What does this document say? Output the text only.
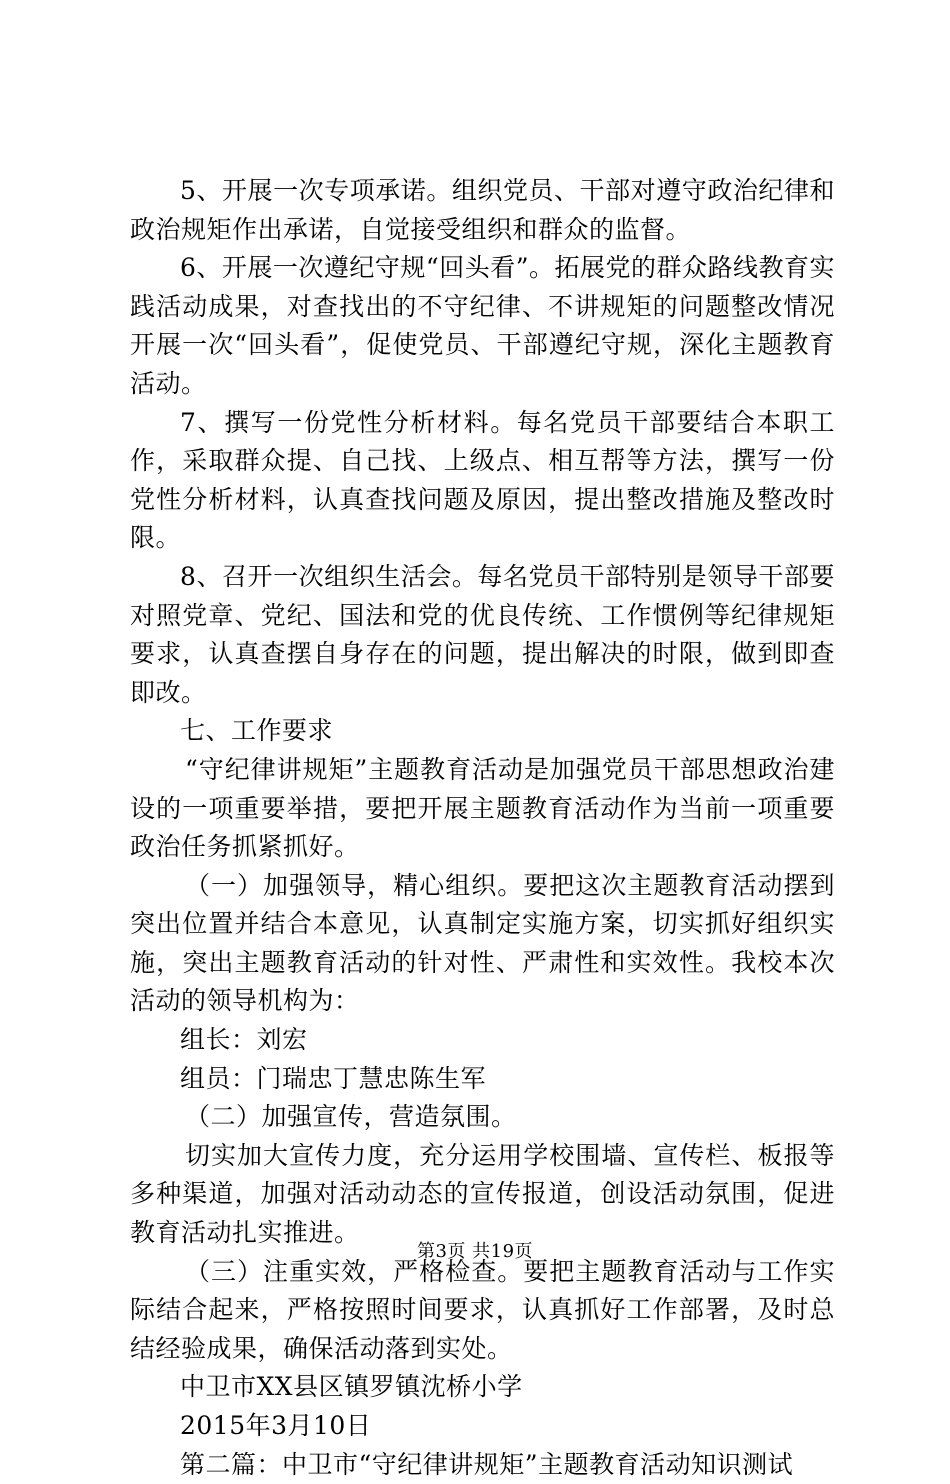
5、开展一次专项承诺。组织党员、干部对遵守政治纪律和政治规矩作出承诺，自觉接受组织和群众的监督。

6、开展一次遵纪守规“回头看”。拓展党的群众路线教育实践活动成果，对查找出的不守纪律、不讲规矩的问题整改情况开展一次“回头看”，促使党员、干部遵纪守规，深化主题教育活动。

7、撰写一份党性分析材料。每名党员干部要结合本职工作，采取群众提、自己找、上级点、相互帮等方法，撰写一份党性分析材料，认真查找问题及原因，提出整改措施及整改时限。

8、召开一次组织生活会。每名党员干部特别是领导干部要对照党章、党纪、国法和党的优良传统、工作惯例等纪律规矩要求，认真查摆自身存在的问题，提出解决的时限，做到即查即改。

七、工作要求

“守纪律讲规矩”主题教育活动是加强党员干部思想政治建设的一项重要举措，要把开展主题教育活动作为当前一项重要政治任务抓紧抓好。

（一）加强领导，精心组织。要把这次主题教育活动摆到突出位置并结合本意见，认真制定实施方案，切实抓好组织实施，突出主题教育活动的针对性、严肃性和实效性。我校本次活动的领导机构为：

组长：刘宏

组员：门瑞忠丁慧忠陈生军

（二）加强宣传，营造氛围。

切实加大宣传力度，充分运用学校围墙、宣传栏、板报等多种渠道，加强对活动动态的宣传报道，创设活动氛围，促进教育活动扎实推进。

（三）注重实效，严格检查。要把主题教育活动与工作实际结合起来，严格按照时间要求，认真抓好工作部署，及时总结经验成果，确保活动落到实处。

中卫市XX县区镇罗镇沈桥小学

2015年3月10日

第二篇：中卫市“守纪律讲规矩”主题教育活动知识测试

第3页 共19页
